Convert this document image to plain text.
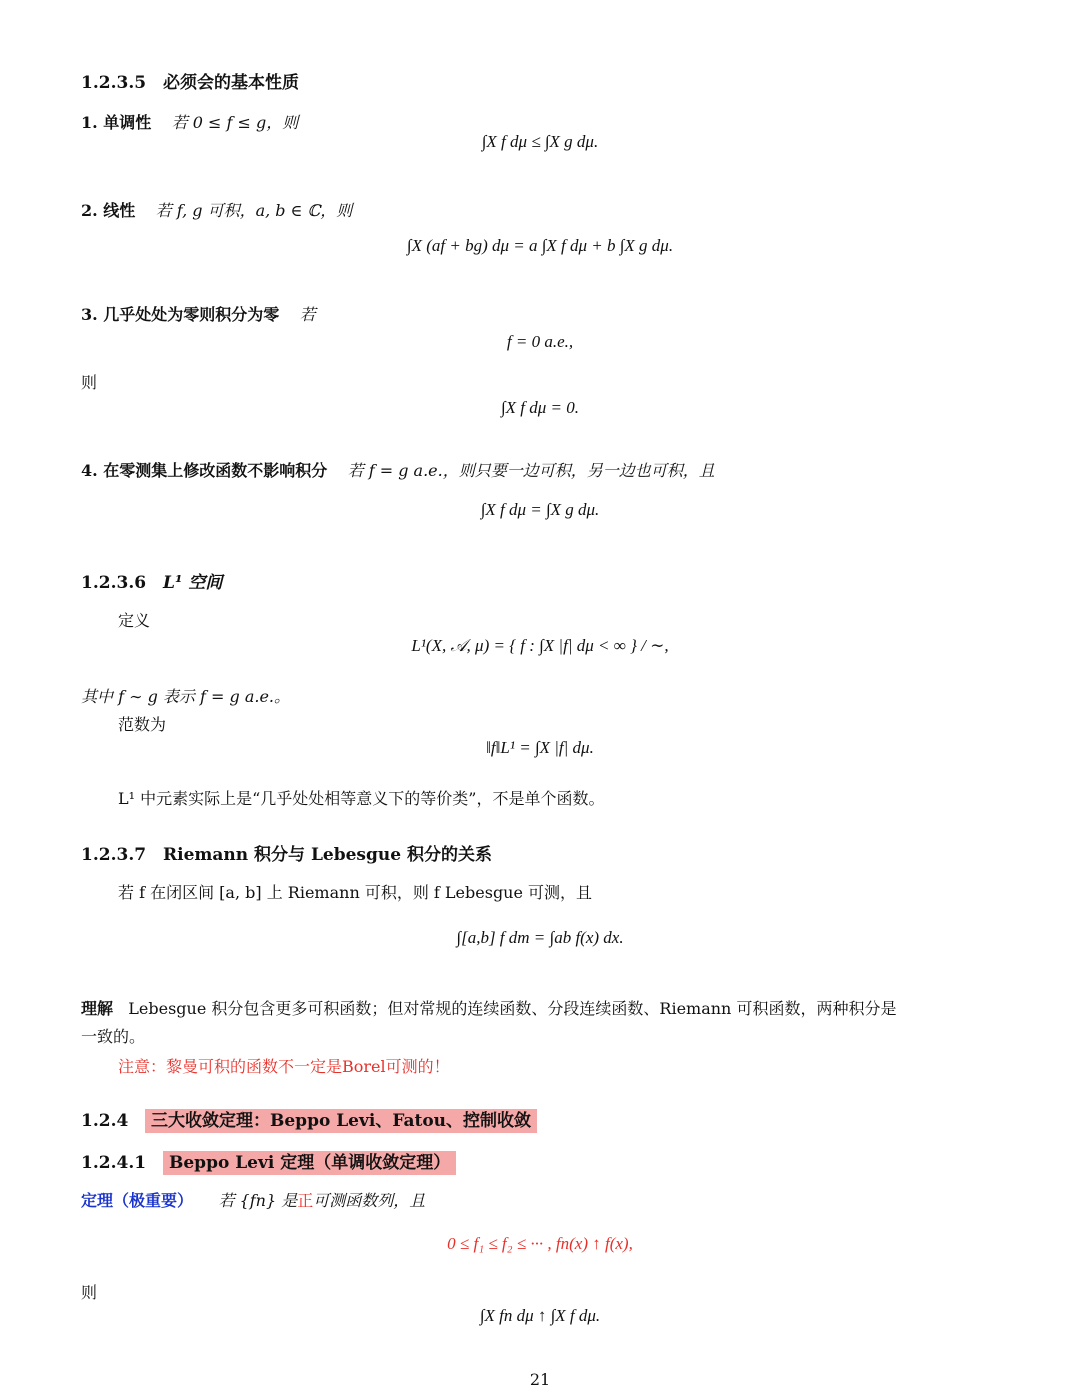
1.2.3.5 必须会的基本性质
1. 单调性 若 0 ≤ f ≤ g，则
∫X f dμ ≤ ∫X g dμ.
2. 线性 若 f, g 可积，a, b ∈ ℂ，则
∫X (af + bg) dμ = a ∫X f dμ + b ∫X g dμ.
3. 几乎处处为零则积分为零 若
f = 0 a.e.,
则
∫X f dμ = 0.
4. 在零测集上修改函数不影响积分 若 f = g a.e.，则只要一边可积，另一边也可积，且
∫X f dμ = ∫X g dμ.
1.2.3.6 L¹ 空间
定义
L¹(X, 𝒜, μ) = { f : ∫X |f| dμ < ∞ } / ∼,
其中 f ∼ g 表示 f = g a.e.。
范数为
‖f‖L¹ = ∫X |f| dμ.
L¹ 中元素实际上是“几乎处处相等意义下的等价类”，不是单个函数。
1.2.3.7 Riemann 积分与 Lebesgue 积分的关系
若 f 在闭区间 [a, b] 上 Riemann 可积，则 f Lebesgue 可测，且
∫[a,b] f dm = ∫ab f(x) dx.
理解 Lebesgue 积分包含更多可积函数；但对常规的连续函数、分段连续函数、Riemann 可积函数，两种积分是
一致的。
注意：黎曼可积的函数不一定是Borel可测的！
1.2.4 三大收敛定理：Beppo Levi、Fatou、控制收敛
1.2.4.1 Beppo Levi 定理（单调收敛定理）
定理（极重要） 若 {fn} 是正可测函数列，且
0 ≤ f₁ ≤ f₂ ≤ ··· , fn(x) ↑ f(x),
则
∫X fn dμ ↑ ∫X f dμ.
21
